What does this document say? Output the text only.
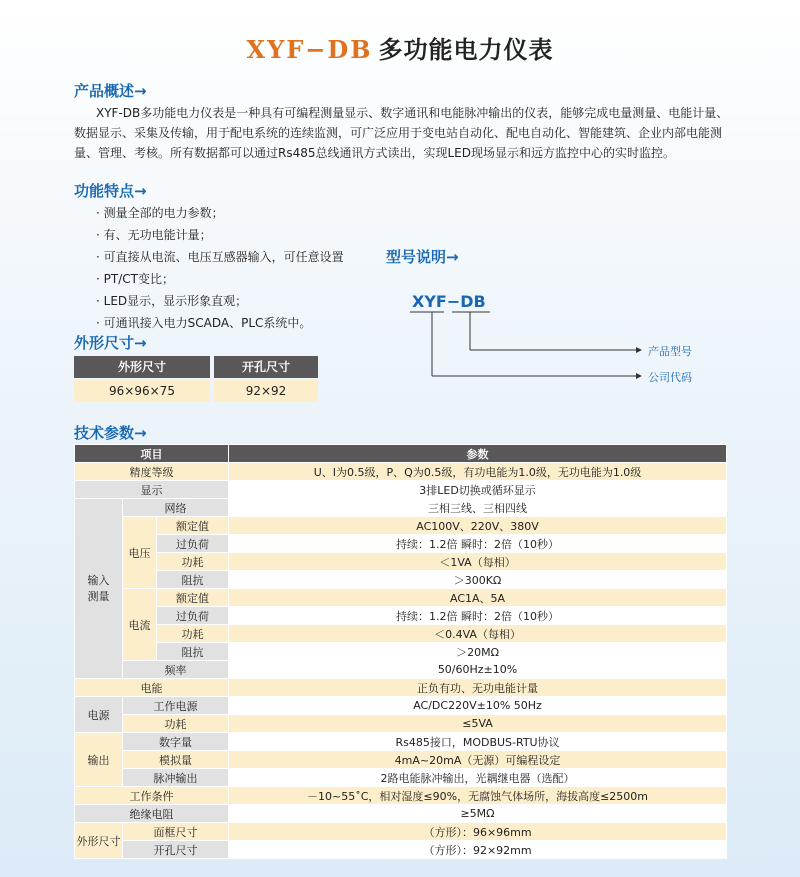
XYF−DB 多功能电力仪表
产品概述→
XYF-DB多功能电力仪表是一种具有可编程测量显示、数字通讯和电能脉冲输出的仪表，能够完成电量测量、电能计量、数据显示、采集及传输，用于配电系统的连续监测，可广泛应用于变电站自动化、配电自动化、智能建筑、企业内部电能测量、管理、考核。所有数据都可以通过Rs485总线通讯方式读出，实现LED现场显示和远方监控中心的实时监控。
功能特点→
· 测量全部的电力参数；
· 有、无功电能计量；
· 可直接从电流、电压互感器输入，可任意设置
· PT/CT变比；
· LED显示，显示形象直观；
· 可通讯接入电力SCADA、PLC系统中。
外形尺寸→
外形尺寸	开孔尺寸
96×96×75	92×92
型号说明→
XYF−DB
产品型号
公司代码
技术参数→
项目			参数
精度等级			U、I为0.5级，P、Q为0.5级，有功电能为1.0级，无功电能为1.0级
显示			3排LED切换或循环显示
输入
测量	网络		三相三线、三相四线
	电压	额定值	AC100V、220V、380V
		过负荷	持续：1.2倍 瞬时：2倍（10秒）
		功耗	＜1VA（每相）
		阻抗	＞300KΩ
	电流	额定值	AC1A、5A
		过负荷	持续：1.2倍 瞬时：2倍（10秒）
		功耗	＜0.4VA（每相）
		阻抗	＞20MΩ
	频率		50/60Hz±10%
电能			正负有功、无功电能计量
电源	工作电源		AC/DC220V±10% 50Hz
	功耗		≤5VA
输出	数字量		Rs485接口，MODBUS-RTU协议
	模拟量		4mA~20mA（无源）可编程设定
	脉冲输出		2路电能脉冲输出，光耦继电器（选配）
工作条件			－10~55˚C，相对湿度≤90%，无腐蚀气体场所，海拔高度≤2500m
绝缘电阻			≥5MΩ
外形尺寸	面框尺寸		（方形）：96×96mm
	开孔尺寸		（方形）：92×92mm
